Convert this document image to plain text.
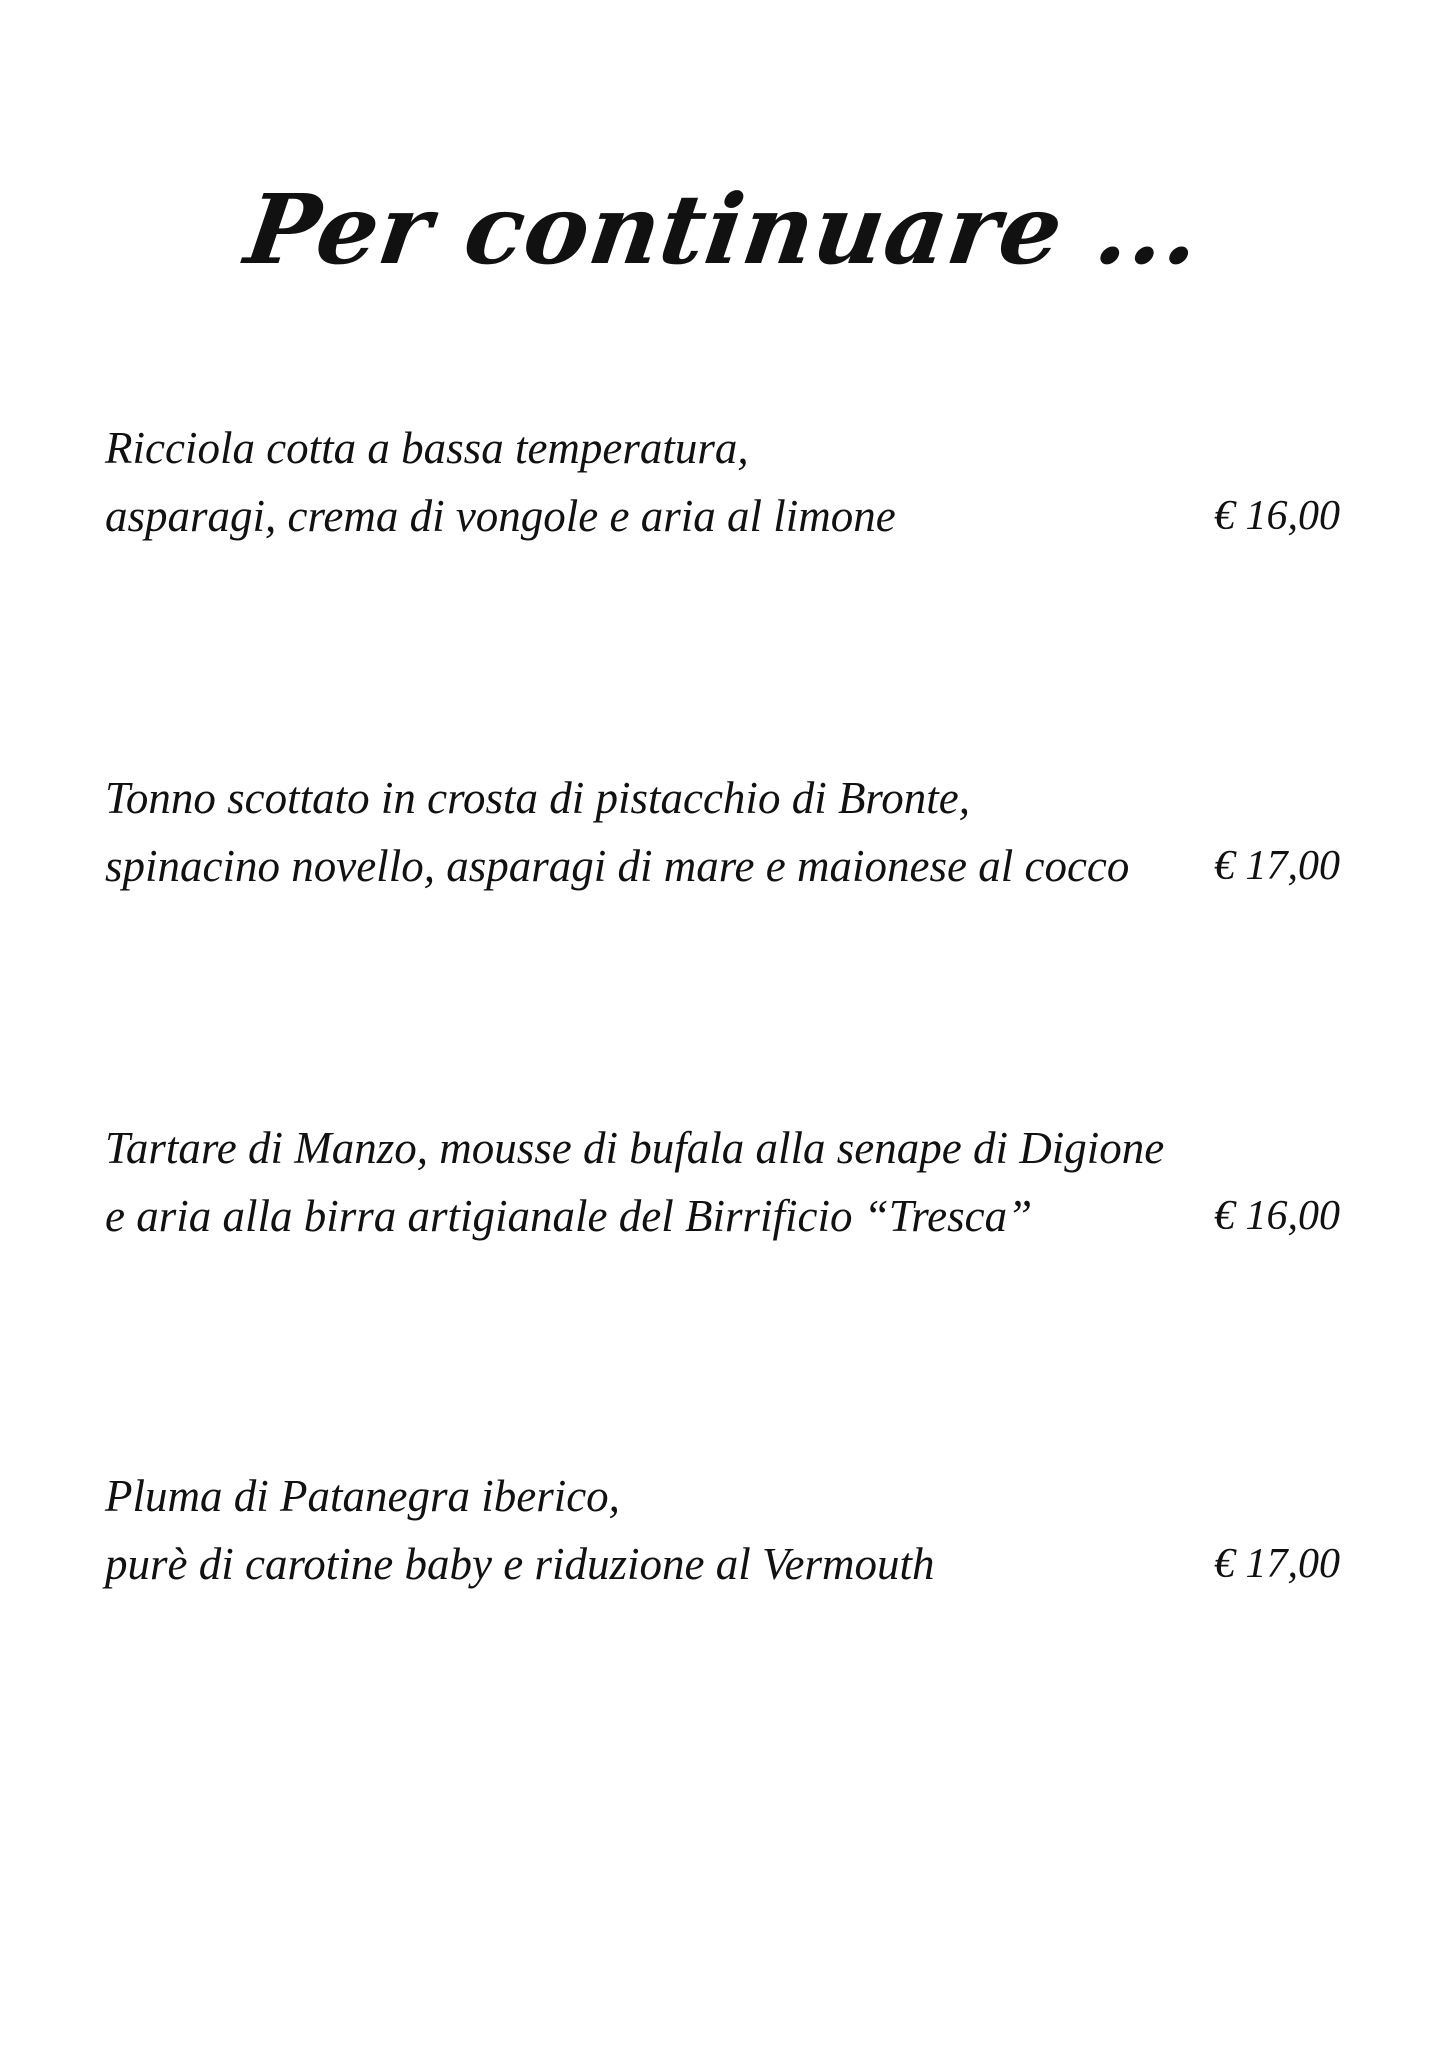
Per continuare ...
Ricciola cotta a bassa temperatura,
asparagi, crema di vongole e aria al limone	€ 16,00
Tonno scottato in crosta di pistacchio di Bronte,
spinacino novello, asparagi di mare e maionese al cocco € 17,00
Tartare di Manzo, mousse di bufala alla senape di Digione
e aria alla birra artigianale del Birrificio “Tresca”	€ 16,00
Pluma di Patanegra iberico,
purè di carotine baby e riduzione al Vermouth	€ 17,00
